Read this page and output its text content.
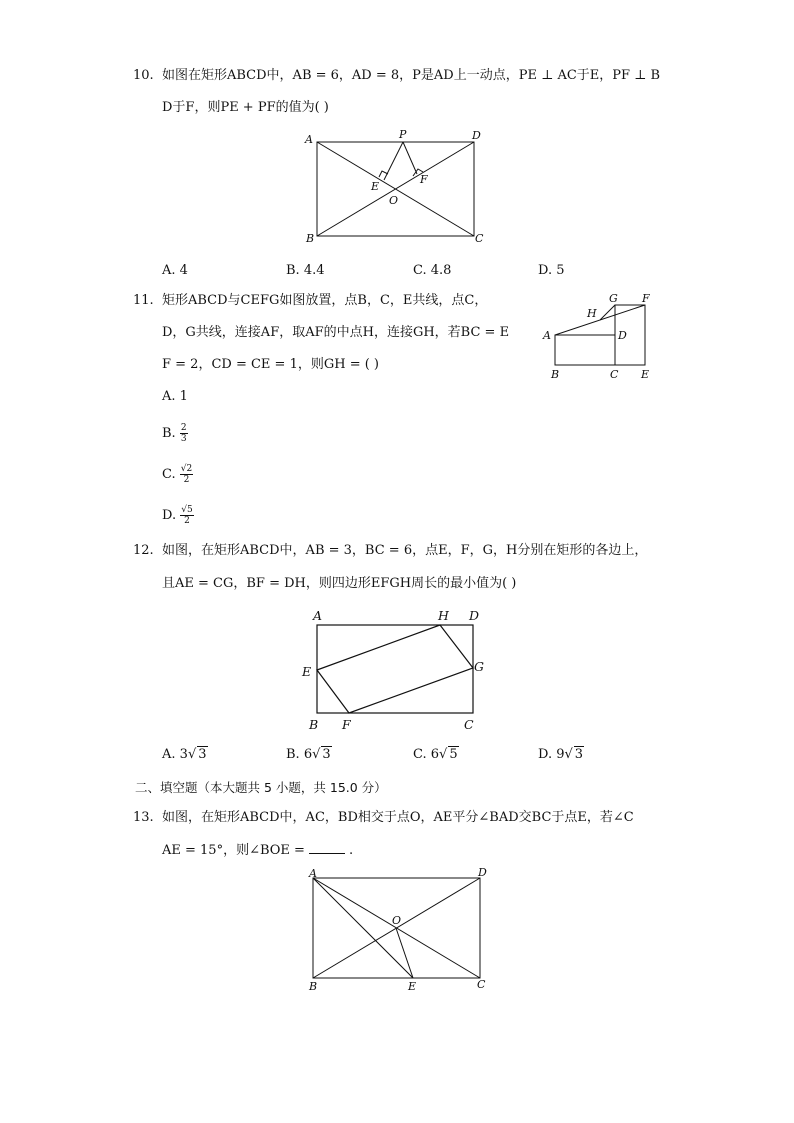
10. 如图在矩形ABCD中，AB = 6，AD = 8，P是AD上一动点，PE ⊥ AC于E，PF ⊥ B
D于F，则PE + PF的值为( )
A
B	C
D
P
E
F
O
A. 4	B. 4.4	C. 4.8	D. 5
11. 矩形ABCD与CEFG如图放置，点B，C，E共线，点C，
D，G共线，连接AF，取AF的中点H，连接GH，若BC = E
F = 2，CD = CE = 1，则GH = ( )
A
B	C
D
E
F
G
H
A. 1
B. $\frac{2}{3}$
C. $\frac{√2}{2}$
D. $\frac{√5}{2}$
12. 如图，在矩形ABCD中，AB = 3，BC = 6，点E，F，G，H分别在矩形的各边上，
且AE = CG，BF = DH，则四边形EFGH周长的最小值为( )
A
B	C
D
E
F
G
H
A. 3√ 3	B. 6√ 3	C. 6√ 5	D. 9√ 3
二、填空题（本大题共 5 小题，共 15.0 分）
13. 如图，在矩形ABCD中，AC，BD相交于点O，AE平分∠BAD交BC于点E，若∠C
AE = 15°，则∠BOE =	.
A
B	C
D
E
O
